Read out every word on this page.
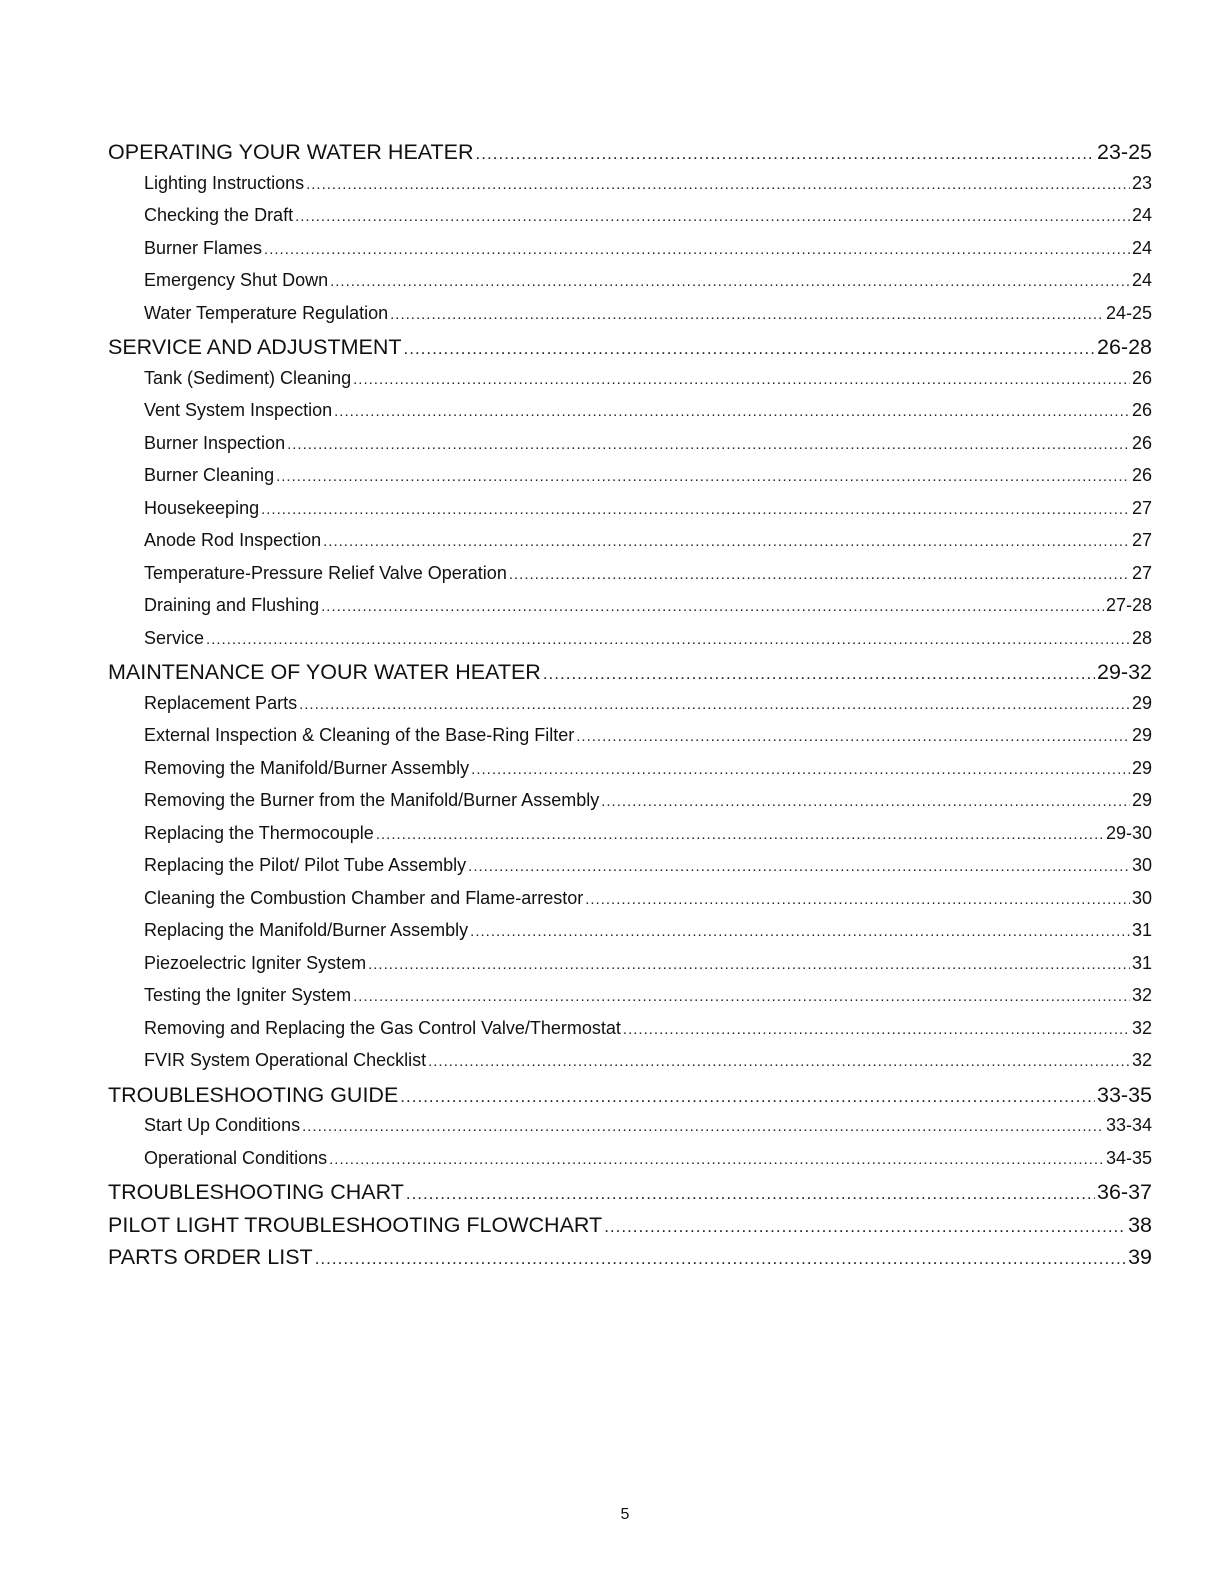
OPERATING YOUR WATER HEATER .....	23-25
Lighting Instructions .....	23
Checking the Draft .....	24
Burner Flames .....	24
Emergency Shut Down .....	24
Water Temperature Regulation .....	24-25
SERVICE AND ADJUSTMENT .....	26-28
Tank (Sediment) Cleaning .....	26
Vent System Inspection .....	26
Burner Inspection .....	26
Burner Cleaning .....	26
Housekeeping .....	27
Anode Rod Inspection .....	27
Temperature-Pressure Relief Valve Operation .....	27
Draining and Flushing .....	27-28
Service .....	28
MAINTENANCE OF YOUR WATER HEATER .....	29-32
Replacement Parts .....	29
External Inspection & Cleaning of the Base-Ring Filter .....	29
Removing the Manifold/Burner Assembly .....	29
Removing the Burner from the Manifold/Burner Assembly .....	29
Replacing the Thermocouple .....	29-30
Replacing the Pilot/ Pilot Tube Assembly .....	30
Cleaning the Combustion Chamber and Flame-arrestor .....	30
Replacing the Manifold/Burner Assembly .....	31
Piezoelectric Igniter System .....	31
Testing the Igniter System .....	32
Removing and Replacing the Gas Control Valve/Thermostat .....	32
FVIR System Operational Checklist .....	32
TROUBLESHOOTING GUIDE .....	33-35
Start Up Conditions .....	33-34
Operational Conditions .....	34-35
TROUBLESHOOTING CHART .....	36-37
PILOT LIGHT TROUBLESHOOTING FLOWCHART .....	38
PARTS ORDER LIST .....	39
5
